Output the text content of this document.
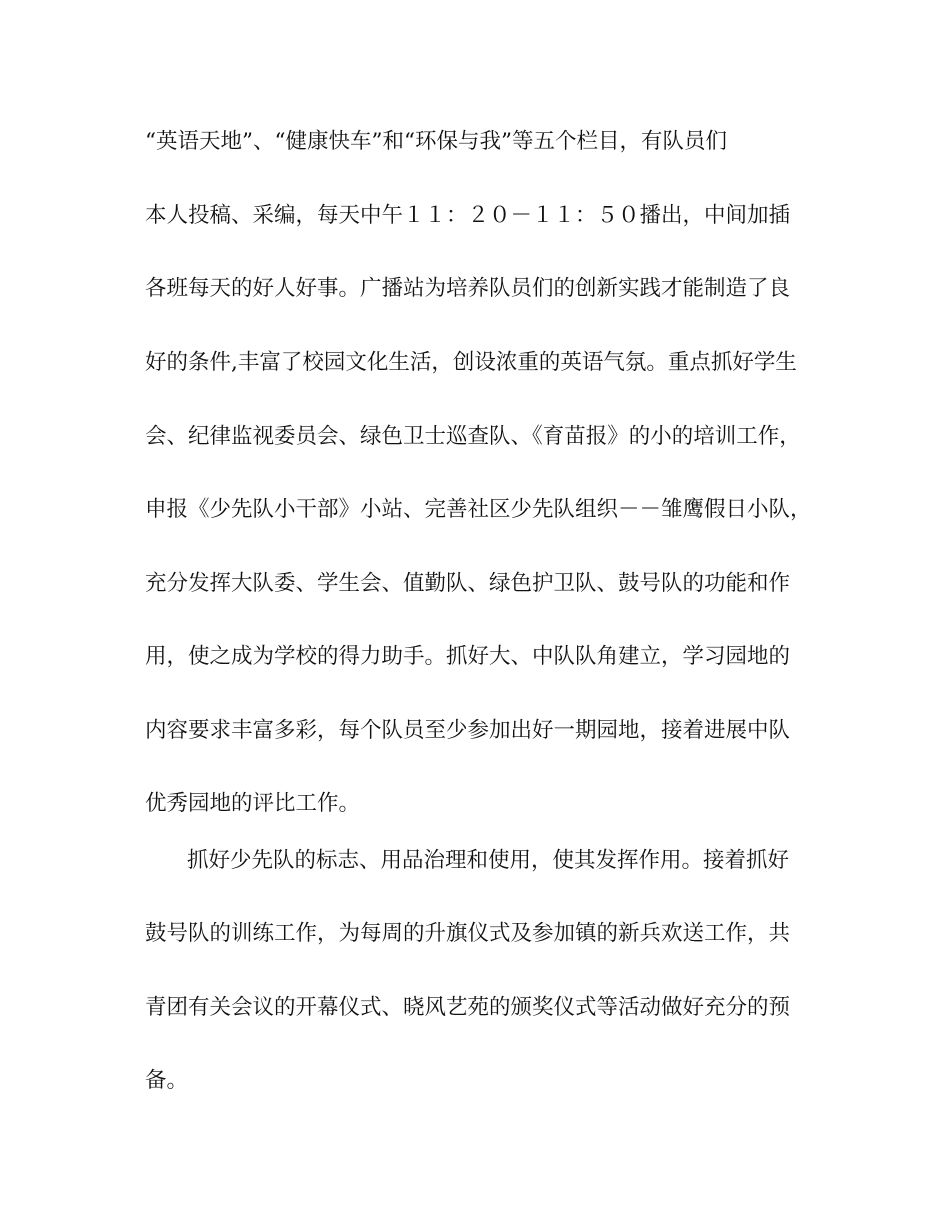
“英语天地”、“健康快车”和“环保与我”等五个栏目，有队员们

本人投稿、采编，每天中午１１：２０－１１：５０播出，中间加插

各班每天的好人好事。广播站为培养队员们的创新实践才能制造了良

好的条件,丰富了校园文化生活，创设浓重的英语气氛。重点抓好学生

会、纪律监视委员会、绿色卫士巡查队、《育苗报》的小的培训工作，

申报《少先队小干部》小站、完善社区少先队组织－－雏鹰假日小队，

充分发挥大队委、学生会、值勤队、绿色护卫队、鼓号队的功能和作

用，使之成为学校的得力助手。抓好大、中队队角建立，学习园地的

内容要求丰富多彩，每个队员至少参加出好一期园地，接着进展中队

优秀园地的评比工作。

抓好少先队的标志、用品治理和使用，使其发挥作用。接着抓好

鼓号队的训练工作，为每周的升旗仪式及参加镇的新兵欢送工作，共

青团有关会议的开幕仪式、晓风艺苑的颁奖仪式等活动做好充分的预

备。
